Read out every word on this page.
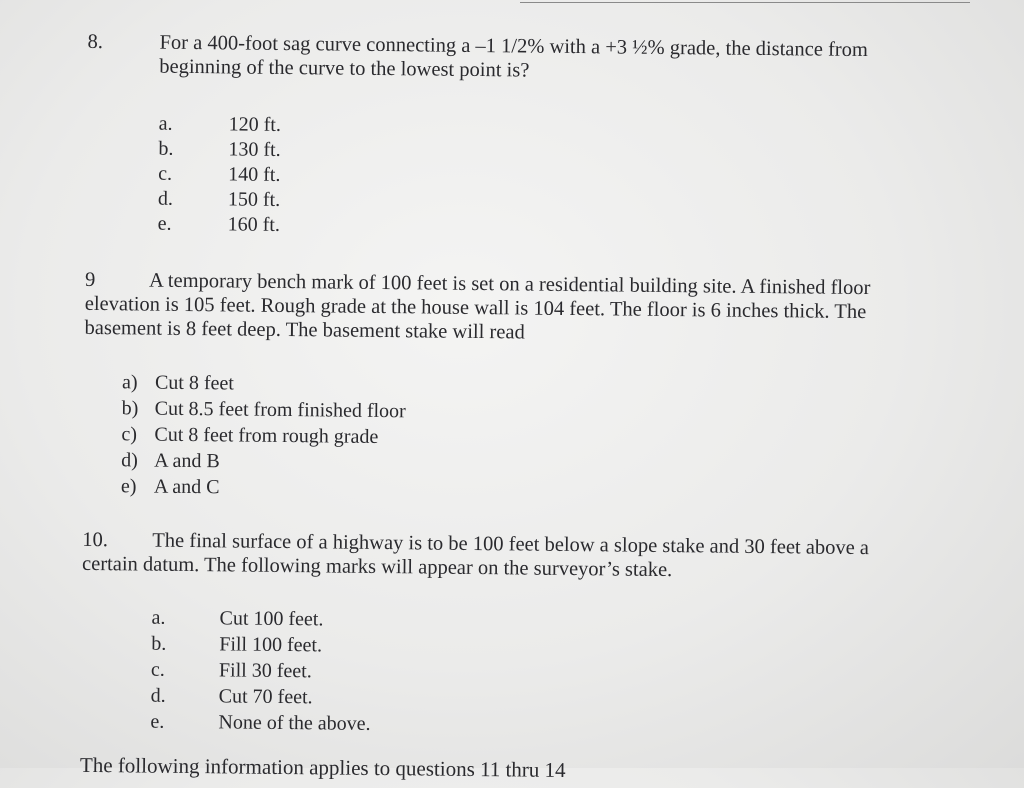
8.	For a 400-foot sag curve connecting a –1 1/2% with a +3 ½% grade, the distance from
beginning of the curve to the lowest point is?
a.	120 ft.
b.	130 ft.
c.	140 ft.
d.	150 ft.
e.	160 ft.
9	A temporary bench mark of 100 feet is set on a residential building site. A finished floor
elevation is 105 feet. Rough grade at the house wall is 104 feet. The floor is 6 inches thick. The
basement is 8 feet deep. The basement stake will read
a) Cut 8 feet
b) Cut 8.5 feet from finished floor
c) Cut 8 feet from rough grade
d) A and B
e) A and C
10. The final surface of a highway is to be 100 feet below a slope stake and 30 feet above a
certain datum. The following marks will appear on the surveyor’s stake.
a.	Cut 100 feet.
b.	Fill 100 feet.
c.	Fill 30 feet.
d.	Cut 70 feet.
e.	None of the above.
The following information applies to questions 11 thru 14
